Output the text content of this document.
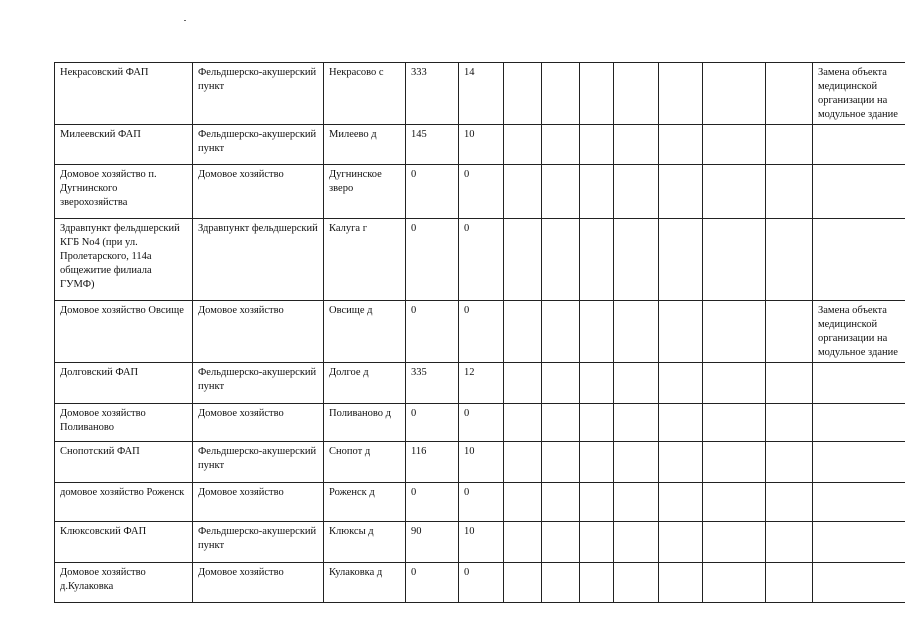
Некрасовский ФАП	Фельдшерско-акушерский пункт	Некрасово с	333	14								Замена объекта медицинской организации на модульное здание
Милеевский ФАП	Фельдшерско-акушерский пункт	Милеево д	145	10								
Домовое хозяйство п. Дугнинского зверохозяйства	Домовое хозяйство	Дугнинское зверо	0	0								
Здравпункт фельдшерский КГБ No4 (при ул. Пролетарского, 114а общежитие филиала ГУМФ)	Здравпункт фельдшерский	Калуга г	0	0								
Домовое хозяйство Овсище	Домовое хозяйство	Овсище д	0	0								Замена объекта медицинской организации на модульное здание
Долговский ФАП	Фельдшерско-акушерский пункт	Долгое д	335	12								
Домовое хозяйство Поливаново	Домовое хозяйство	Поливаново д	0	0								
Снопотский ФАП	Фельдшерско-акушерский пункт	Снопот д	116	10								
домовое хозяйство Роженск	Домовое хозяйство	Роженск д	0	0								
Клюксовский ФАП	Фельдшерско-акушерский пункт	Клюксы д	90	10								
Домовое хозяйство д.Кулаковка	Домовое хозяйство	Кулаковка д	0	0								
